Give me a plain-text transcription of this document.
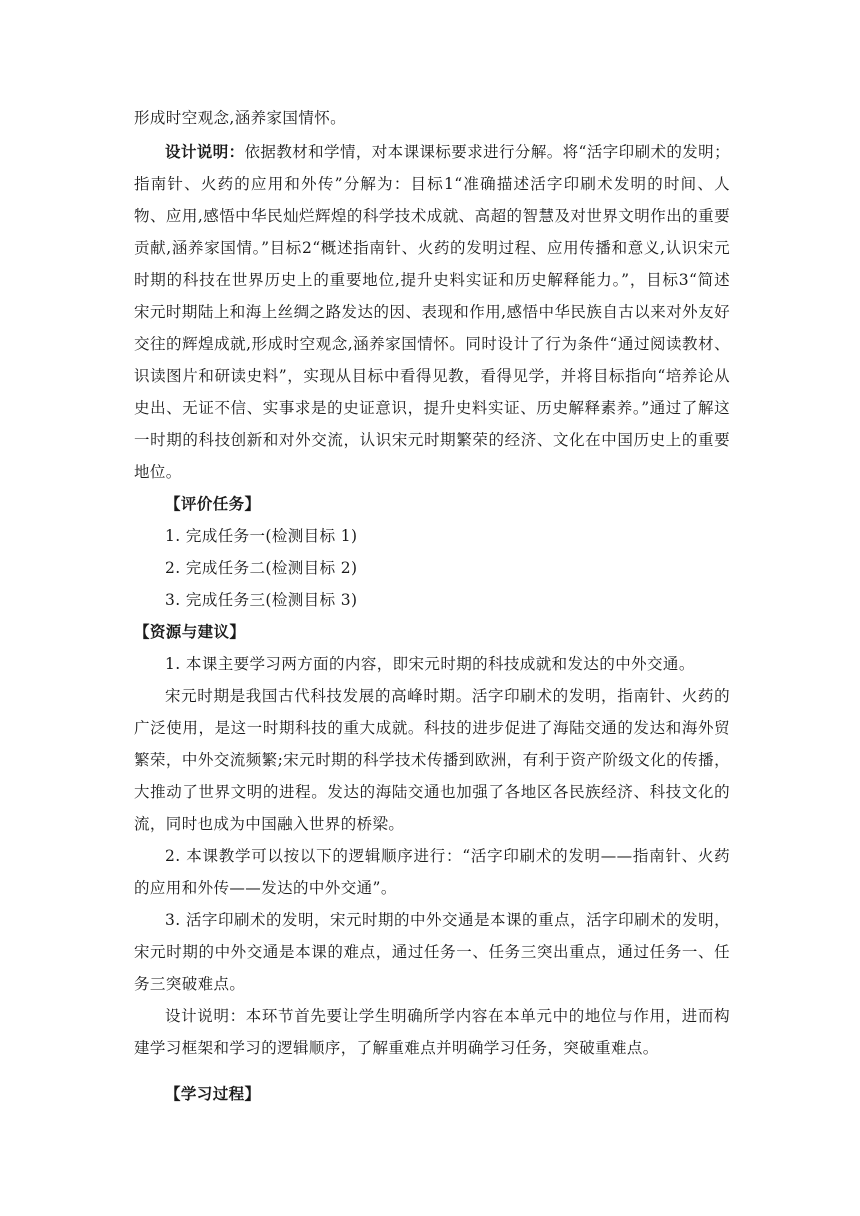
形成时空观念,涵养家国情怀。

设计说明：依据教材和学情，对本课课标要求进行分解。将“活字印刷术的发明；指南针、火药的应用和外传”分解为：目标1“准确描述活字印刷术发明的时间、人物、应用,感悟中华民灿烂辉煌的科学技术成就、高超的智慧及对世界文明作出的重要贡献,涵养家国情。”目标2“概述指南针、火药的发明过程、应用传播和意义,认识宋元时期的科技在世界历史上的重要地位,提升史料实证和历史解释能力。”，目标3“简述宋元时期陆上和海上丝绸之路发达的因、表现和作用,感悟中华民族自古以来对外友好交往的辉煌成就,形成时空观念,涵养家国情怀。同时设计了行为条件“通过阅读教材、识读图片和研读史料”，实现从目标中看得见教，看得见学，并将目标指向“培养论从史出、无证不信、实事求是的史证意识，提升史料实证、历史解释素养。”通过了解这一时期的科技创新和对外交流，认识宋元时期繁荣的经济、文化在中国历史上的重要地位。

【评价任务】

1. 完成任务一(检测目标 1)

2. 完成任务二(检测目标 2)

3. 完成任务三(检测目标 3)

【资源与建议】

1. 本课主要学习两方面的内容，即宋元时期的科技成就和发达的中外交通。

宋元时期是我国古代科技发展的高峰时期。活字印刷术的发明，指南针、火药的广泛使用，是这一时期科技的重大成就。科技的进步促进了海陆交通的发达和海外贸繁荣，中外交流频繁;宋元时期的科学技术传播到欧洲，有利于资产阶级文化的传播，大推动了世界文明的进程。发达的海陆交通也加强了各地区各民族经济、科技文化的流，同时也成为中国融入世界的桥梁。

2. 本课教学可以按以下的逻辑顺序进行：“活字印刷术的发明——指南针、火药的应用和外传——发达的中外交通”。

3. 活字印刷术的发明，宋元时期的中外交通是本课的重点，活字印刷术的发明，宋元时期的中外交通是本课的难点，通过任务一、任务三突出重点，通过任务一、任务三突破难点。

设计说明：本环节首先要让学生明确所学内容在本单元中的地位与作用，进而构建学习框架和学习的逻辑顺序，了解重难点并明确学习任务，突破重难点。

【学习过程】
